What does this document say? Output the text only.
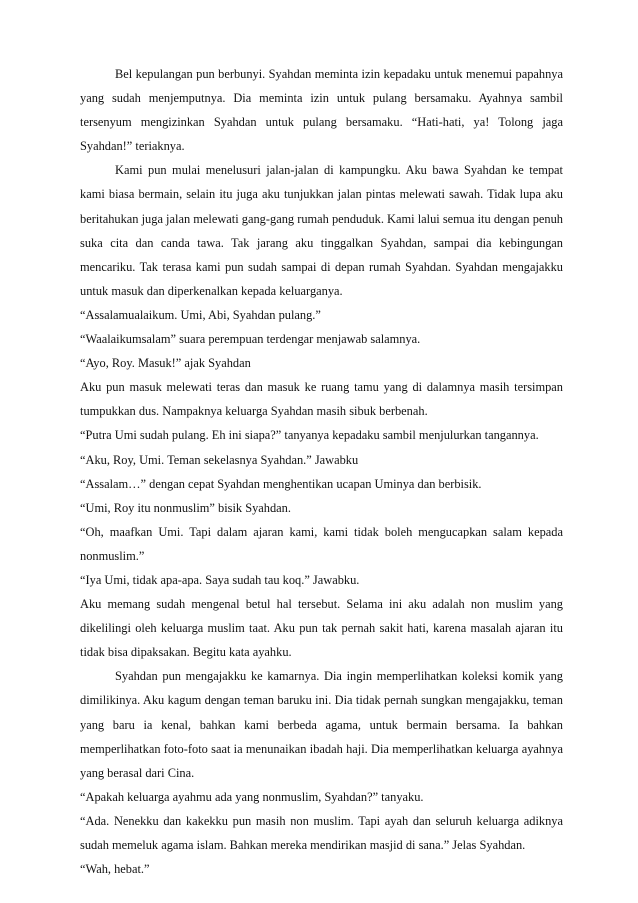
Bel kepulangan pun berbunyi. Syahdan meminta izin kepadaku untuk menemui papahnya yang sudah menjemputnya. Dia meminta izin untuk pulang bersamaku. Ayahnya sambil tersenyum mengizinkan Syahdan untuk pulang bersamaku. “Hati-hati, ya! Tolong jaga Syahdan!” teriaknya.

Kami pun mulai menelusuri jalan-jalan di kampungku. Aku bawa Syahdan ke tempat kami biasa bermain, selain itu juga aku tunjukkan jalan pintas melewati sawah. Tidak lupa aku beritahukan juga jalan melewati gang-gang rumah penduduk. Kami lalui semua itu dengan penuh suka cita dan canda tawa. Tak jarang aku tinggalkan Syahdan, sampai dia kebingungan mencariku. Tak terasa kami pun sudah sampai di depan rumah Syahdan. Syahdan mengajakku untuk masuk dan diperkenalkan kepada keluarganya.

“Assalamualaikum. Umi, Abi, Syahdan pulang.”

“Waalaikumsalam” suara perempuan terdengar menjawab salamnya.

“Ayo, Roy. Masuk!” ajak Syahdan

Aku pun masuk melewati teras dan masuk ke ruang tamu yang di dalamnya masih tersimpan tumpukkan dus. Nampaknya keluarga Syahdan masih sibuk berbenah.

“Putra Umi sudah pulang. Eh ini siapa?” tanyanya kepadaku sambil menjulurkan tangannya.

“Aku, Roy, Umi. Teman sekelasnya Syahdan.” Jawabku

“Assalam…” dengan cepat Syahdan menghentikan ucapan Uminya dan berbisik.

“Umi, Roy itu nonmuslim” bisik Syahdan.

“Oh, maafkan Umi. Tapi dalam ajaran kami, kami tidak boleh mengucapkan salam kepada nonmuslim.”

“Iya Umi, tidak apa-apa. Saya sudah tau koq.” Jawabku.

Aku memang sudah mengenal betul hal tersebut. Selama ini aku adalah non muslim yang dikelilingi oleh keluarga muslim taat. Aku pun tak pernah sakit hati, karena masalah ajaran itu tidak bisa dipaksakan. Begitu kata ayahku.

Syahdan pun mengajakku ke kamarnya. Dia ingin memperlihatkan koleksi komik yang dimilikinya. Aku kagum dengan teman baruku ini. Dia tidak pernah sungkan mengajakku, teman yang baru ia kenal, bahkan kami berbeda agama, untuk bermain bersama. Ia bahkan memperlihatkan foto-foto saat ia menunaikan ibadah haji. Dia memperlihatkan keluarga ayahnya yang berasal dari Cina.

“Apakah keluarga ayahmu ada yang nonmuslim, Syahdan?” tanyaku.

“Ada. Nenekku dan kakekku pun masih non muslim. Tapi ayah dan seluruh keluarga adiknya sudah memeluk agama islam. Bahkan mereka mendirikan masjid di sana.” Jelas Syahdan.

“Wah, hebat.”
